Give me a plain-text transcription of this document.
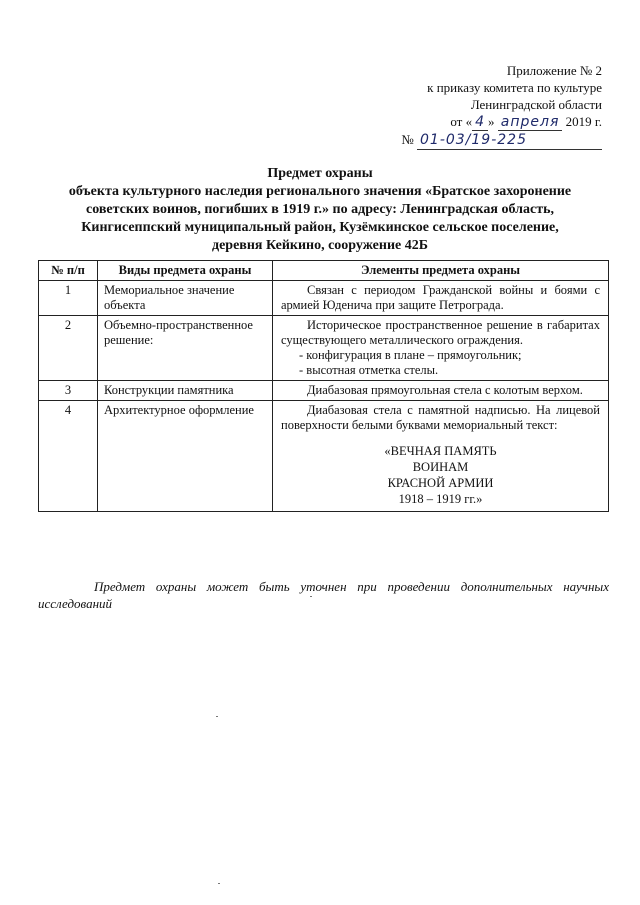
Приложение № 2
к приказу комитета по культуре
Ленинградской области
от « 4 » апреля 2019 г.
№ 01-03/19-225
Предмет охраны
объекта культурного наследия регионального значения «Братское захоронение
советских воинов, погибших в 1919 г.» по адресу: Ленинградская область,
Кингисеппский муниципальный район, Кузёмкинское сельское поселение,
деревня Кейкино, сооружение 42Б
№ п/п	Виды предмета охраны	Элементы предмета охраны
1	Мемориальное значение объекта	Связан с периодом Гражданской войны и боями с армией Юденича при защите Петрограда.

2	Объемно-пространственное решение:	Историческое пространственное решение в габаритах существующего металлического ограждения.
- конфигурация в плане – прямоугольник;
- высотная отметка стелы.

3	Конструкции памятника	Диабазовая прямоугольная стела с колотым верхом.

4	Архитектурное оформление	Диабазовая стела с памятной надписью. На лицевой поверхности белыми буквами мемориальный текст:
«ВЕЧНАЯ ПАМЯТЬ
ВОИНАМ
КРАСНОЙ АРМИИ
1918 – 1919 гг.»
Предмет охраны может быть уточнен при проведении дополнительных научных исследований
